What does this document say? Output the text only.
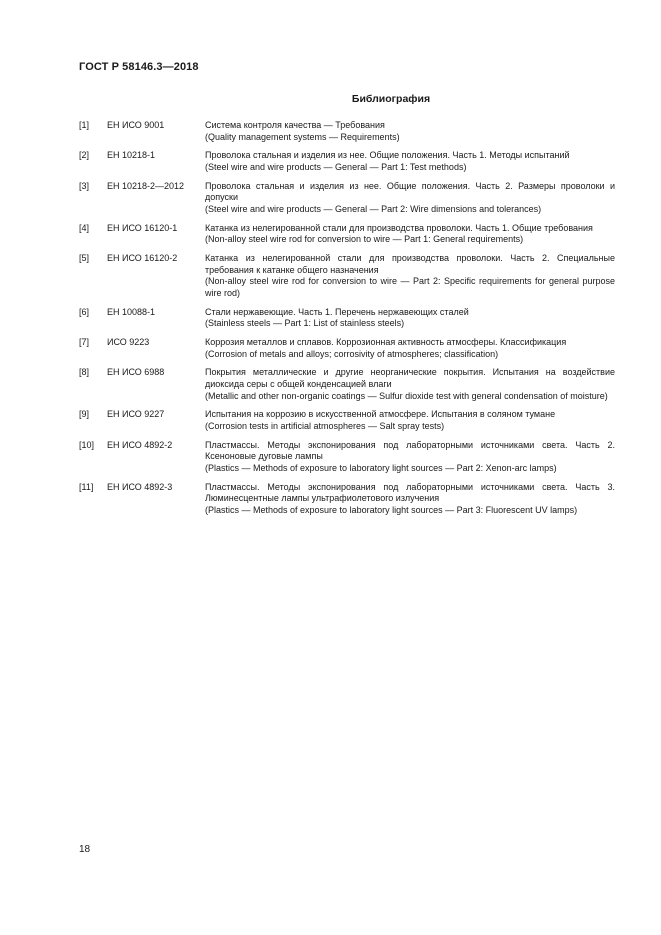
ГОСТ Р 58146.3—2018
Библиография
[1]	ЕН ИСО 9001	Система контроля качества — Требования
(Quality management systems — Requirements)
[2]	ЕН 10218-1	Проволока стальная и изделия из нее. Общие положения. Часть 1. Методы испытаний
(Steel wire and wire products — General — Part 1: Test methods)
[3]	ЕН 10218-2—2012	Проволока стальная и изделия из нее. Общие положения. Часть 2. Размеры проволоки и допуски
(Steel wire and wire products — General — Part 2: Wire dimensions and tolerances)
[4]	ЕН ИСО 16120-1	Катанка из нелегированной стали для производства проволоки. Часть 1. Общие требования
(Non-alloy steel wire rod for conversion to wire — Part 1: General requirements)
[5]	ЕН ИСО 16120-2	Катанка из нелегированной стали для производства проволоки. Часть 2. Специальные требования к катанке общего назначения
(Non-alloy steel wire rod for conversion to wire — Part 2: Specific requirements for general purpose wire rod)
[6]	ЕН 10088-1	Стали нержавеющие. Часть 1. Перечень нержавеющих сталей
(Stainless steels — Part 1: List of stainless steels)
[7]	ИСО 9223	Коррозия металлов и сплавов. Коррозионная активность атмосферы. Классификация
(Corrosion of metals and alloys; corrosivity of atmospheres; classification)
[8]	ЕН ИСО 6988	Покрытия металлические и другие неорганические покрытия. Испытания на воздействие диоксида серы с общей конденсацией влаги
(Metallic and other non-organic coatings — Sulfur dioxide test with general condensation of moisture)
[9]	ЕН ИСО 9227	Испытания на коррозию в искусственной атмосфере. Испытания в соляном тумане
(Corrosion tests in artificial atmospheres — Salt spray tests)
[10]	ЕН ИСО 4892-2	Пластмассы. Методы экспонирования под лабораторными источниками света. Часть 2. Ксеноновые дуговые лампы
(Plastics — Methods of exposure to laboratory light sources — Part 2: Xenon-arc lamps)
[11]	ЕН ИСО 4892-3	Пластмассы. Методы экспонирования под лабораторными источниками света. Часть 3. Люминесцентные лампы ультрафиолетового излучения
(Plastics — Methods of exposure to laboratory light sources — Part 3: Fluorescent UV lamps)
18
